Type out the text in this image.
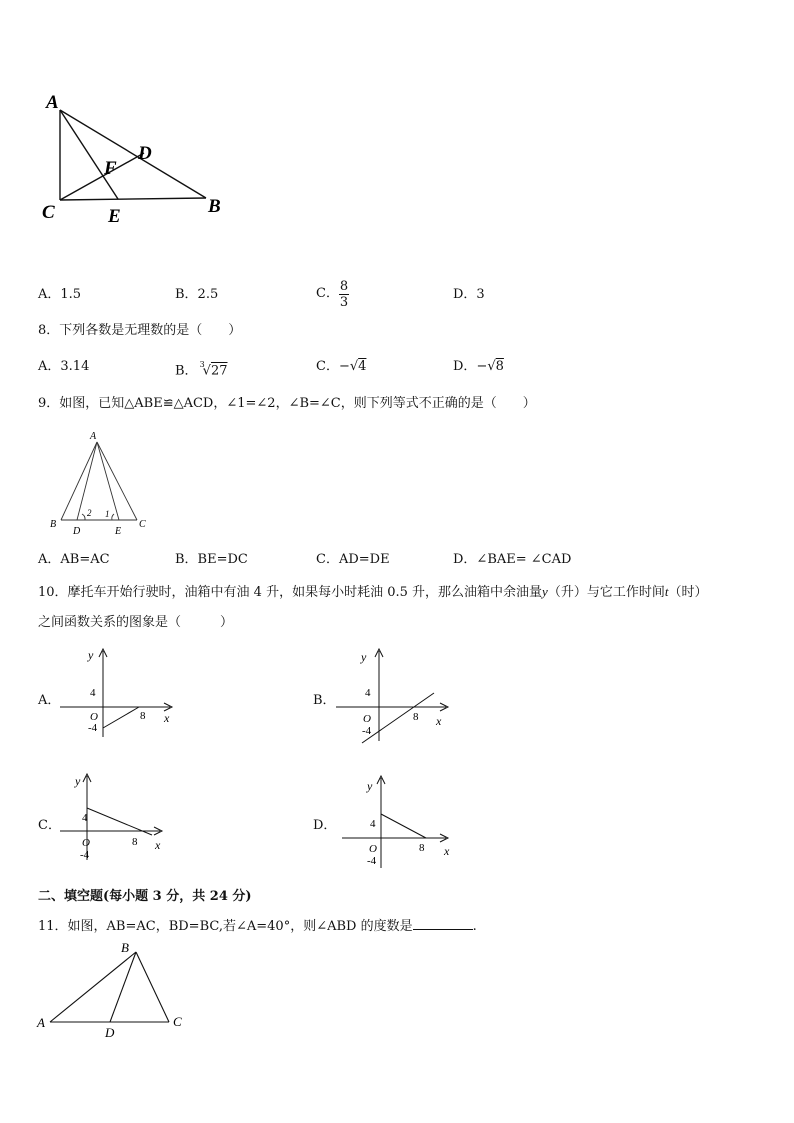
A
D
F
C	E	B
A．1.5	B．2.5	C． $\frac{8}{3}$	D．3
8．下列各数是无理数的是（　　）
A．3.14	B． $^3$√27	C．−√4	D．−√8
9．如图，已知△ABE≌△ACD，∠1=∠2，∠B=∠C，则下列等式不正确的是（　　）
A
B
D	E
C
2 1
A．AB=AC	B．BE=DC	C．AD=DE	D．∠BAE= ∠CAD
10．摩托车开始行驶时，油箱中有油 4 升，如果每小时耗油 0.5 升，那么油箱中余油量y（升）与它工作时间t（时）
之间函数关系的图象是（　　　）
A．	B．
C．	D．
y
x
4
O
-4
8
y
x
4
O
-4
8
y
x
4
O
-4
8
y
x
4
O
-4
8
二、填空题(每小题 3 分，共 24 分)
11．如图，AB=AC，BD=BC,若∠A=40°，则∠ABD 的度数是	.
B
A	C
D
